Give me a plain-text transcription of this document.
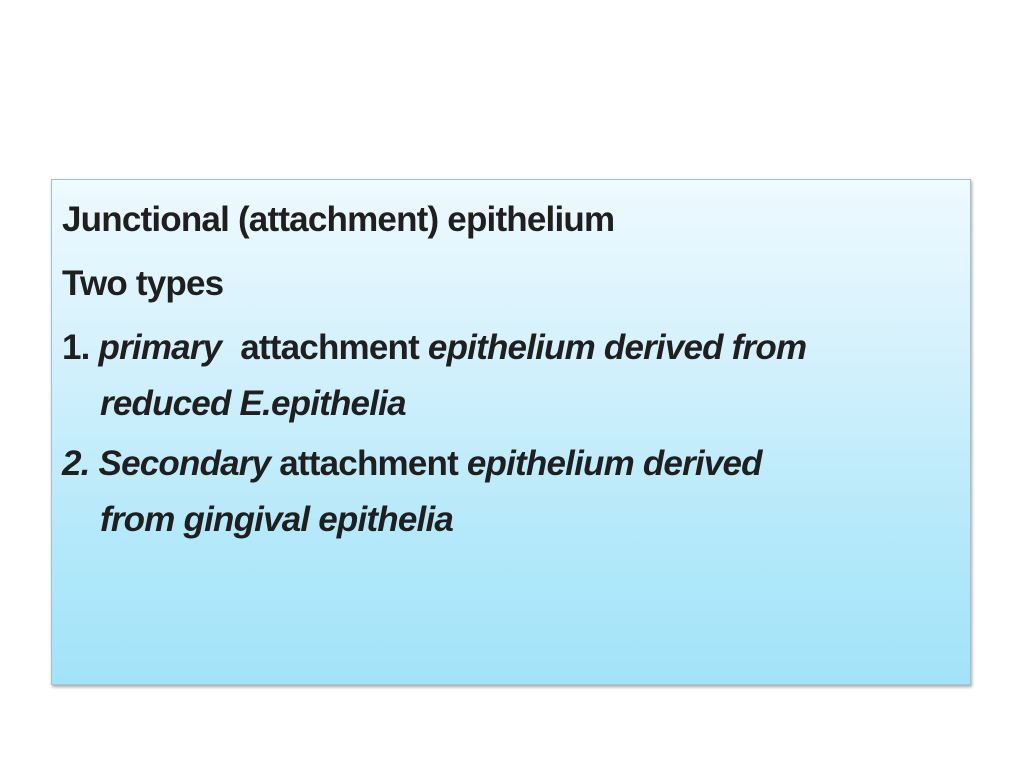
Junctional (attachment) epithelium
Two types
1. primary attachment epithelium derived from
reduced E.epithelia
2. Secondary attachment epithelium derived
from gingival epithelia
